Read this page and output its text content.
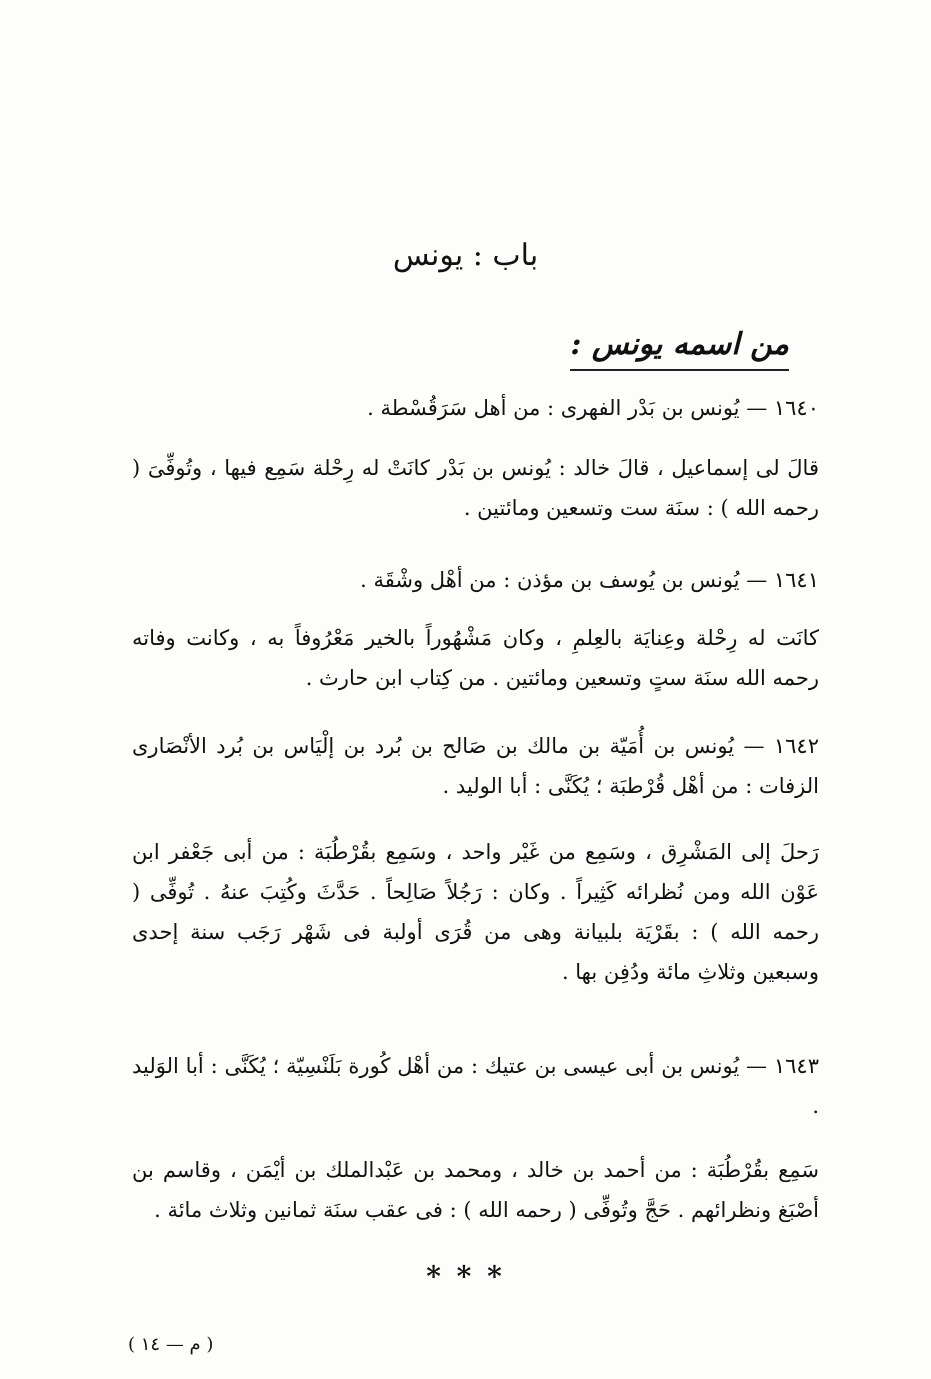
باب : يونس
من اسمه يونس :
١٦٤٠ — يُونس بن بَدْر الفهرى : من أهل سَرَقُسْطة .
قالَ لى إسماعيل ، قالَ خالد : يُونس بن بَدْر كانَتْ له رِحْلة سَمِع فيها ، وتُوفِّىَ ( رحمه الله ) : سنَة ست وتسعين ومائتين .
١٦٤١ — يُونس بن يُوسف بن مؤذن : من أهْل وشْقَة .
كانَت له رِحْلة وعِنايَة بالعِلمِ ، وكان مَشْهُوراً بالخير مَعْرُوفاً به ، وكانت وفاته رحمه الله سنَة ستٍ وتسعين ومائتين . من كِتاب ابن حارث .
١٦٤٢ — يُونس بن أُمَيّة بن مالك بن صَالح بن بُرد بن إلْيَاس بن بُرد الأنْصَارى الزفات : من أهْل قُرْطبَة ؛ يُكَنَّى : أبا الوليد .
رَحلَ إلى المَشْرِق ، وسَمِع من غَيْر واحد ، وسَمِع بقُرْطُبَة : من أبى جَعْفر ابن عَوْن الله ومن نُظرائه كَثِيراً . وكان : رَجُلاً صَالِحاً . حَدَّثَ وكُتِبَ عنهُ . تُوفِّى ( رحمه الله ) : بقَرْيَة بلبيانة وهى من قُرَى أولبة فى شَهْر رَجَب سنة إحدى وسبعين وثلاثِ مائة ودُفِن بها .
١٦٤٣ — يُونس بن أبى عيسى بن عتيك : من أهْل كُورة بَلَنْسِيّة ؛ يُكَنَّى : أبا الوَليد .
سَمِع بقُرْطُبَة : من أحمد بن خالد ، ومحمد بن عَبْدالملك بن أيْمَن ، وقاسم بن أصْبَغ ونظرائهم . حَجَّ وتُوفِّى ( رحمه الله ) : فى عقب سنَة ثمانين وثلاث مائة .
* * *
( م — ١٤ )
